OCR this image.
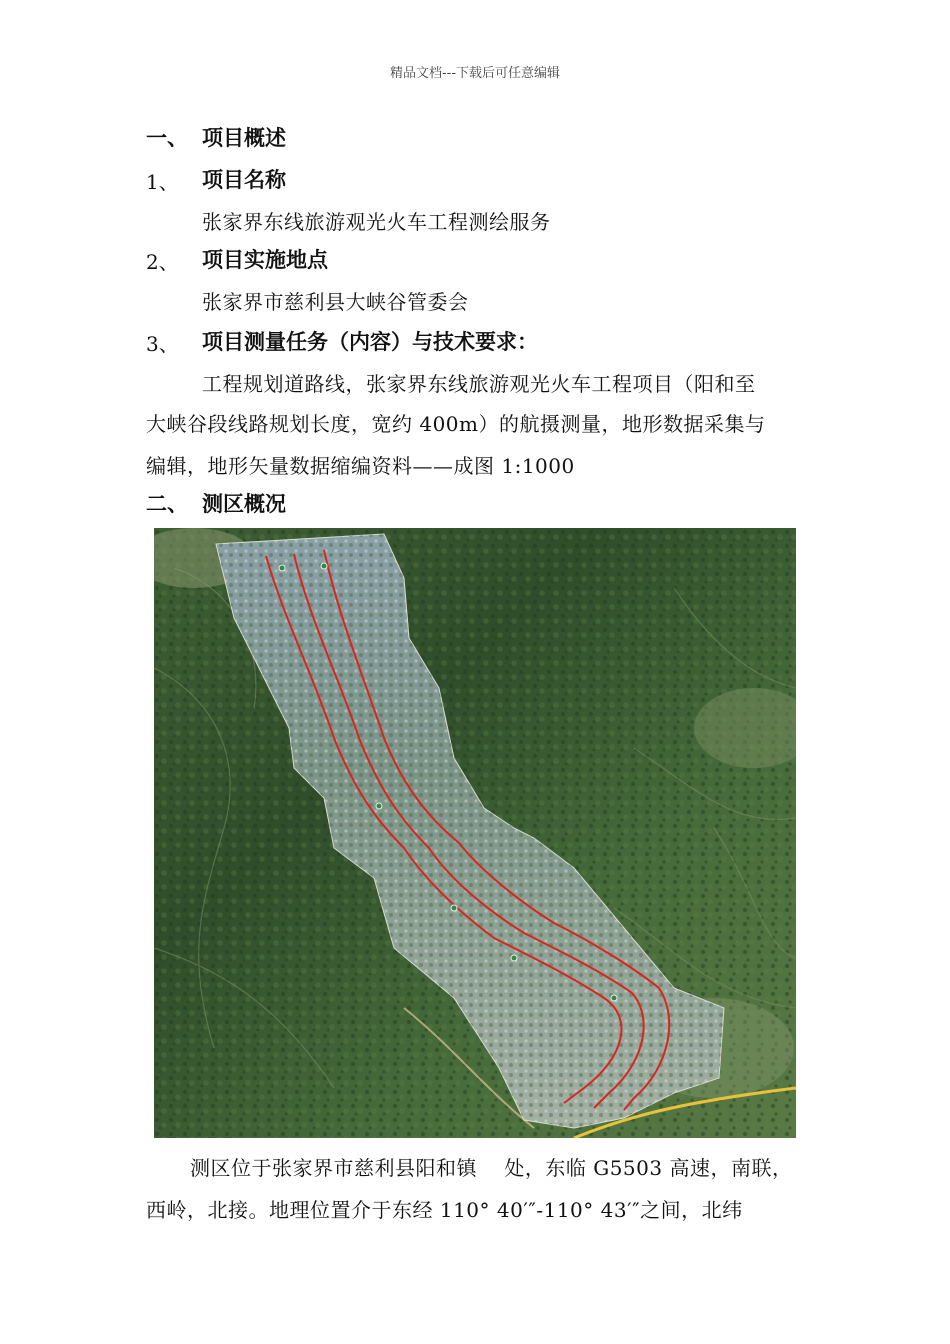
精品文档---下载后可任意编辑
一、 项目概述
1、 项目名称
张家界东线旅游观光火车工程测绘服务
2、 项目实施地点
张家界市慈利县大峡谷管委会
3、 项目测量任务（内容）与技术要求：
工程规划道路线，张家界东线旅游观光火车工程项目（阳和至
大峡谷段线路规划长度，宽约 400m）的航摄测量，地形数据采集与
编辑，地形矢量数据缩编资料——成图 1:1000
二、 测区概况
测区位于张家界市慈利县阳和镇　 处，东临 G5503 高速，南联，
西岭，北接。地理位置介于东经 110° 40′″-110° 43′″之间，北纬
